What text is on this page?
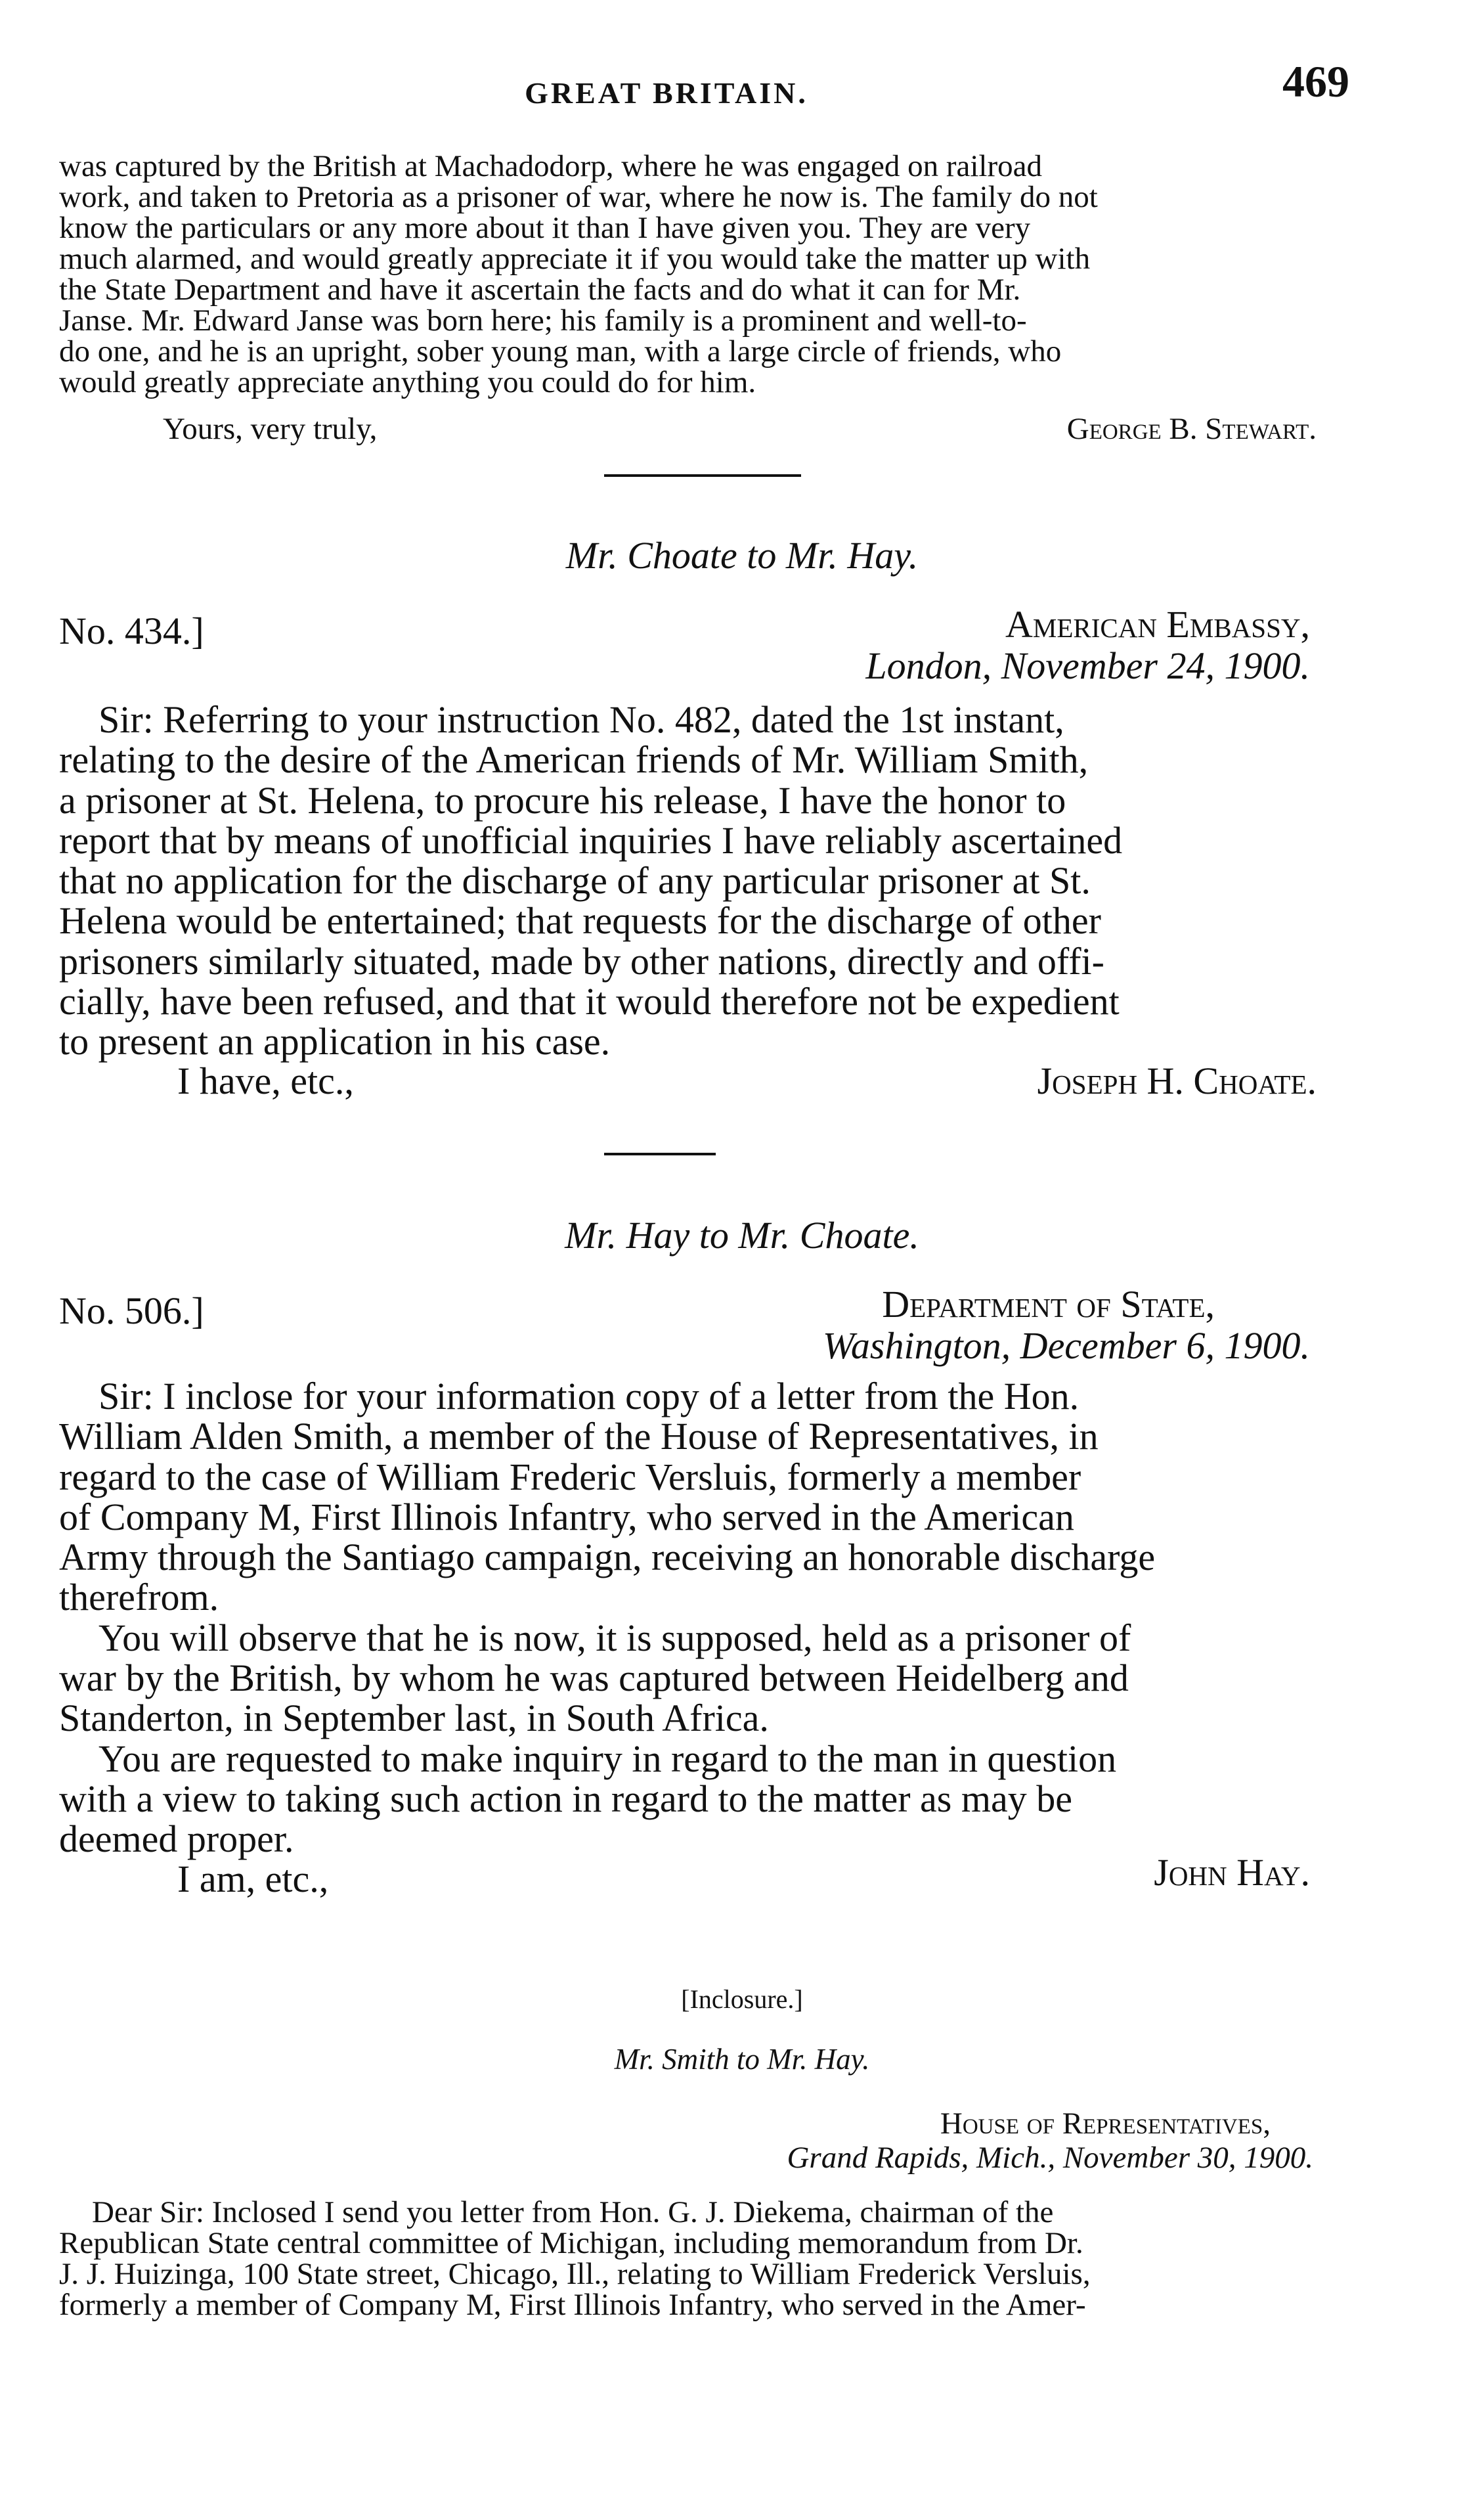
GREAT BRITAIN.	469
was captured by the British at Machadodorp, where he was engaged on railroad
work, and taken to Pretoria as a prisoner of war, where he now is. The family do not
know the particulars or any more about it than I have given you. They are very
much alarmed, and would greatly appreciate it if you would take the matter up with
the State Department and have it ascertain the facts and do what it can for Mr.
Janse. Mr. Edward Janse was born here; his family is a prominent and well-to-
do one, and he is an upright, sober young man, with a large circle of friends, who
would greatly appreciate anything you could do for him.
Yours, very truly,	George B. Stewart.
Mr. Choate to Mr. Hay.
No. 434.]	American Embassy,
London, November 24, 1900.
Sir: Referring to your instruction No. 482, dated the 1st instant,
relating to the desire of the American friends of Mr. William Smith,
a prisoner at St. Helena, to procure his release, I have the honor to
report that by means of unofficial inquiries I have reliably ascertained
that no application for the discharge of any particular prisoner at St.
Helena would be entertained; that requests for the discharge of other
prisoners similarly situated, made by other nations, directly and offi-
cially, have been refused, and that it would therefore not be expedient
to present an application in his case.
I have, etc.,	Joseph H. Choate.
Mr. Hay to Mr. Choate.
No. 506.]	Department of State,
Washington, December 6, 1900.
Sir: I inclose for your information copy of a letter from the Hon.
William Alden Smith, a member of the House of Representatives, in
regard to the case of William Frederic Versluis, formerly a member
of Company M, First Illinois Infantry, who served in the American
Army through the Santiago campaign, receiving an honorable discharge
therefrom.
You will observe that he is now, it is supposed, held as a prisoner of
war by the British, by whom he was captured between Heidelberg and
Standerton, in September last, in South Africa.
You are requested to make inquiry in regard to the man in question
with a view to taking such action in regard to the matter as may be
deemed proper.
I am, etc.,	John Hay.
[Inclosure.]
Mr. Smith to Mr. Hay.
House of Representatives,
Grand Rapids, Mich., November 30, 1900.
Dear Sir: Inclosed I send you letter from Hon. G. J. Diekema, chairman of the
Republican State central committee of Michigan, including memorandum from Dr.
J. J. Huizinga, 100 State street, Chicago, Ill., relating to William Frederick Versluis,
formerly a member of Company M, First Illinois Infantry, who served in the Amer-
